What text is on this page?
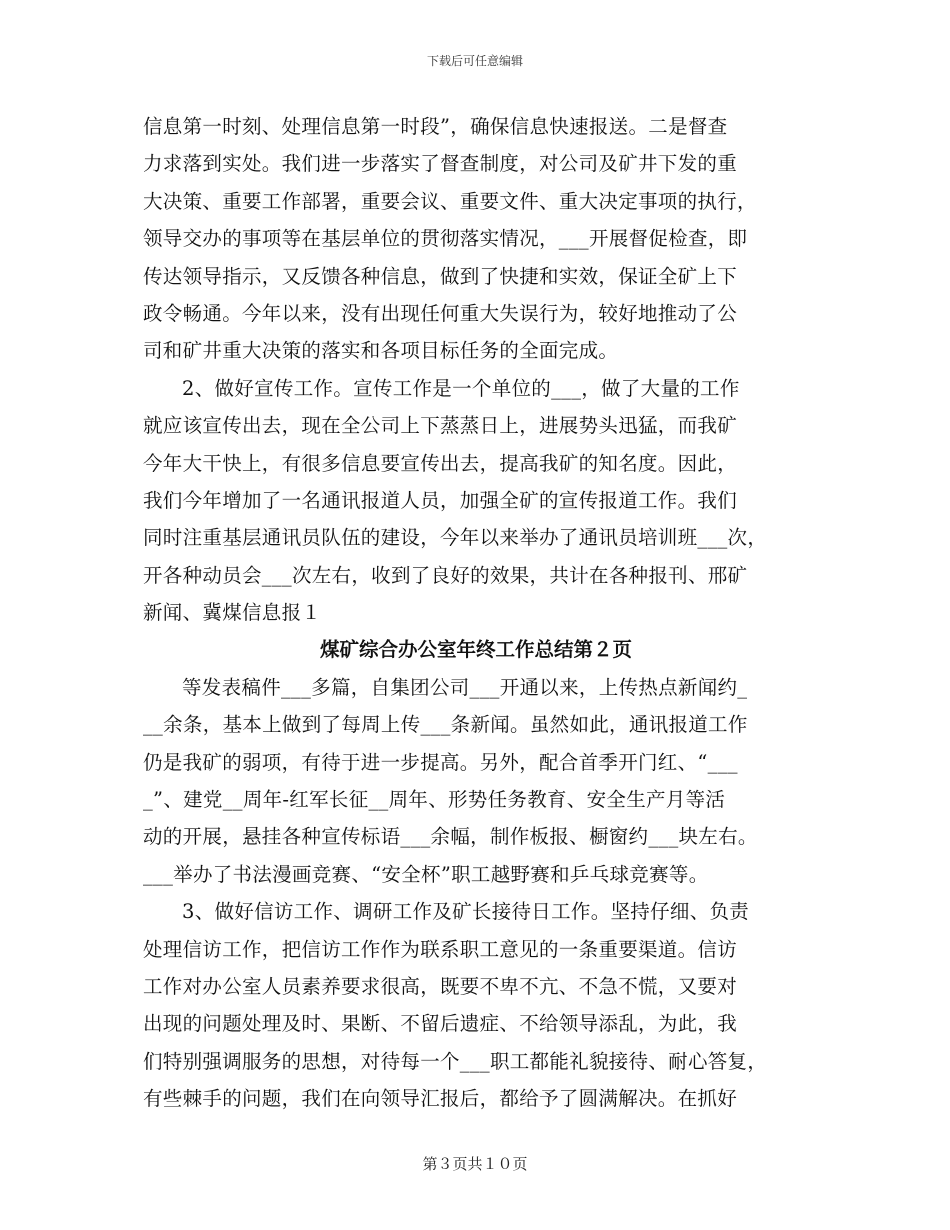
下载后可任意编辑
信息第一时刻、处理信息第一时段”，确保信息快速报送。二是督查
力求落到实处。我们进一步落实了督查制度，对公司及矿井下发的重
大决策、重要工作部署，重要会议、重要文件、重大决定事项的执行，
领导交办的事项等在基层单位的贯彻落实情况，___开展督促检查，即
传达领导指示，又反馈各种信息，做到了快捷和实效，保证全矿上下
政令畅通。今年以来，没有出现任何重大失误行为，较好地推动了公
司和矿井重大决策的落实和各项目标任务的全面完成。
2、做好宣传工作。宣传工作是一个单位的___，做了大量的工作
就应该宣传出去，现在全公司上下蒸蒸日上，进展势头迅猛，而我矿
今年大干快上，有很多信息要宣传出去，提高我矿的知名度。因此，
我们今年增加了一名通讯报道人员，加强全矿的宣传报道工作。我们
同时注重基层通讯员队伍的建设，今年以来举办了通讯员培训班___次，
开各种动员会___次左右，收到了良好的效果，共计在各种报刊、邢矿
新闻、冀煤信息报１
煤矿综合办公室年终工作总结第２页
等发表稿件___多篇，自集团公司___开通以来，上传热点新闻约_
__余条，基本上做到了每周上传___条新闻。虽然如此，通讯报道工作
仍是我矿的弱项，有待于进一步提高。另外，配合首季开门红、“___
_”、建党__周年-红军长征__周年、形势任务教育、安全生产月等活
动的开展，悬挂各种宣传标语___余幅，制作板报、橱窗约___块左右。
___举办了书法漫画竞赛、“安全杯”职工越野赛和乒乓球竞赛等。
3、做好信访工作、调研工作及矿长接待日工作。坚持仔细、负责
处理信访工作，把信访工作作为联系职工意见的一条重要渠道。信访
工作对办公室人员素养要求很高，既要不卑不亢、不急不慌，又要对
出现的问题处理及时、果断、不留后遗症、不给领导添乱，为此，我
们特别强调服务的思想，对待每一个___职工都能礼貌接待、耐心答复，
有些棘手的问题，我们在向领导汇报后，都给予了圆满解决。在抓好
第３页共１０页
